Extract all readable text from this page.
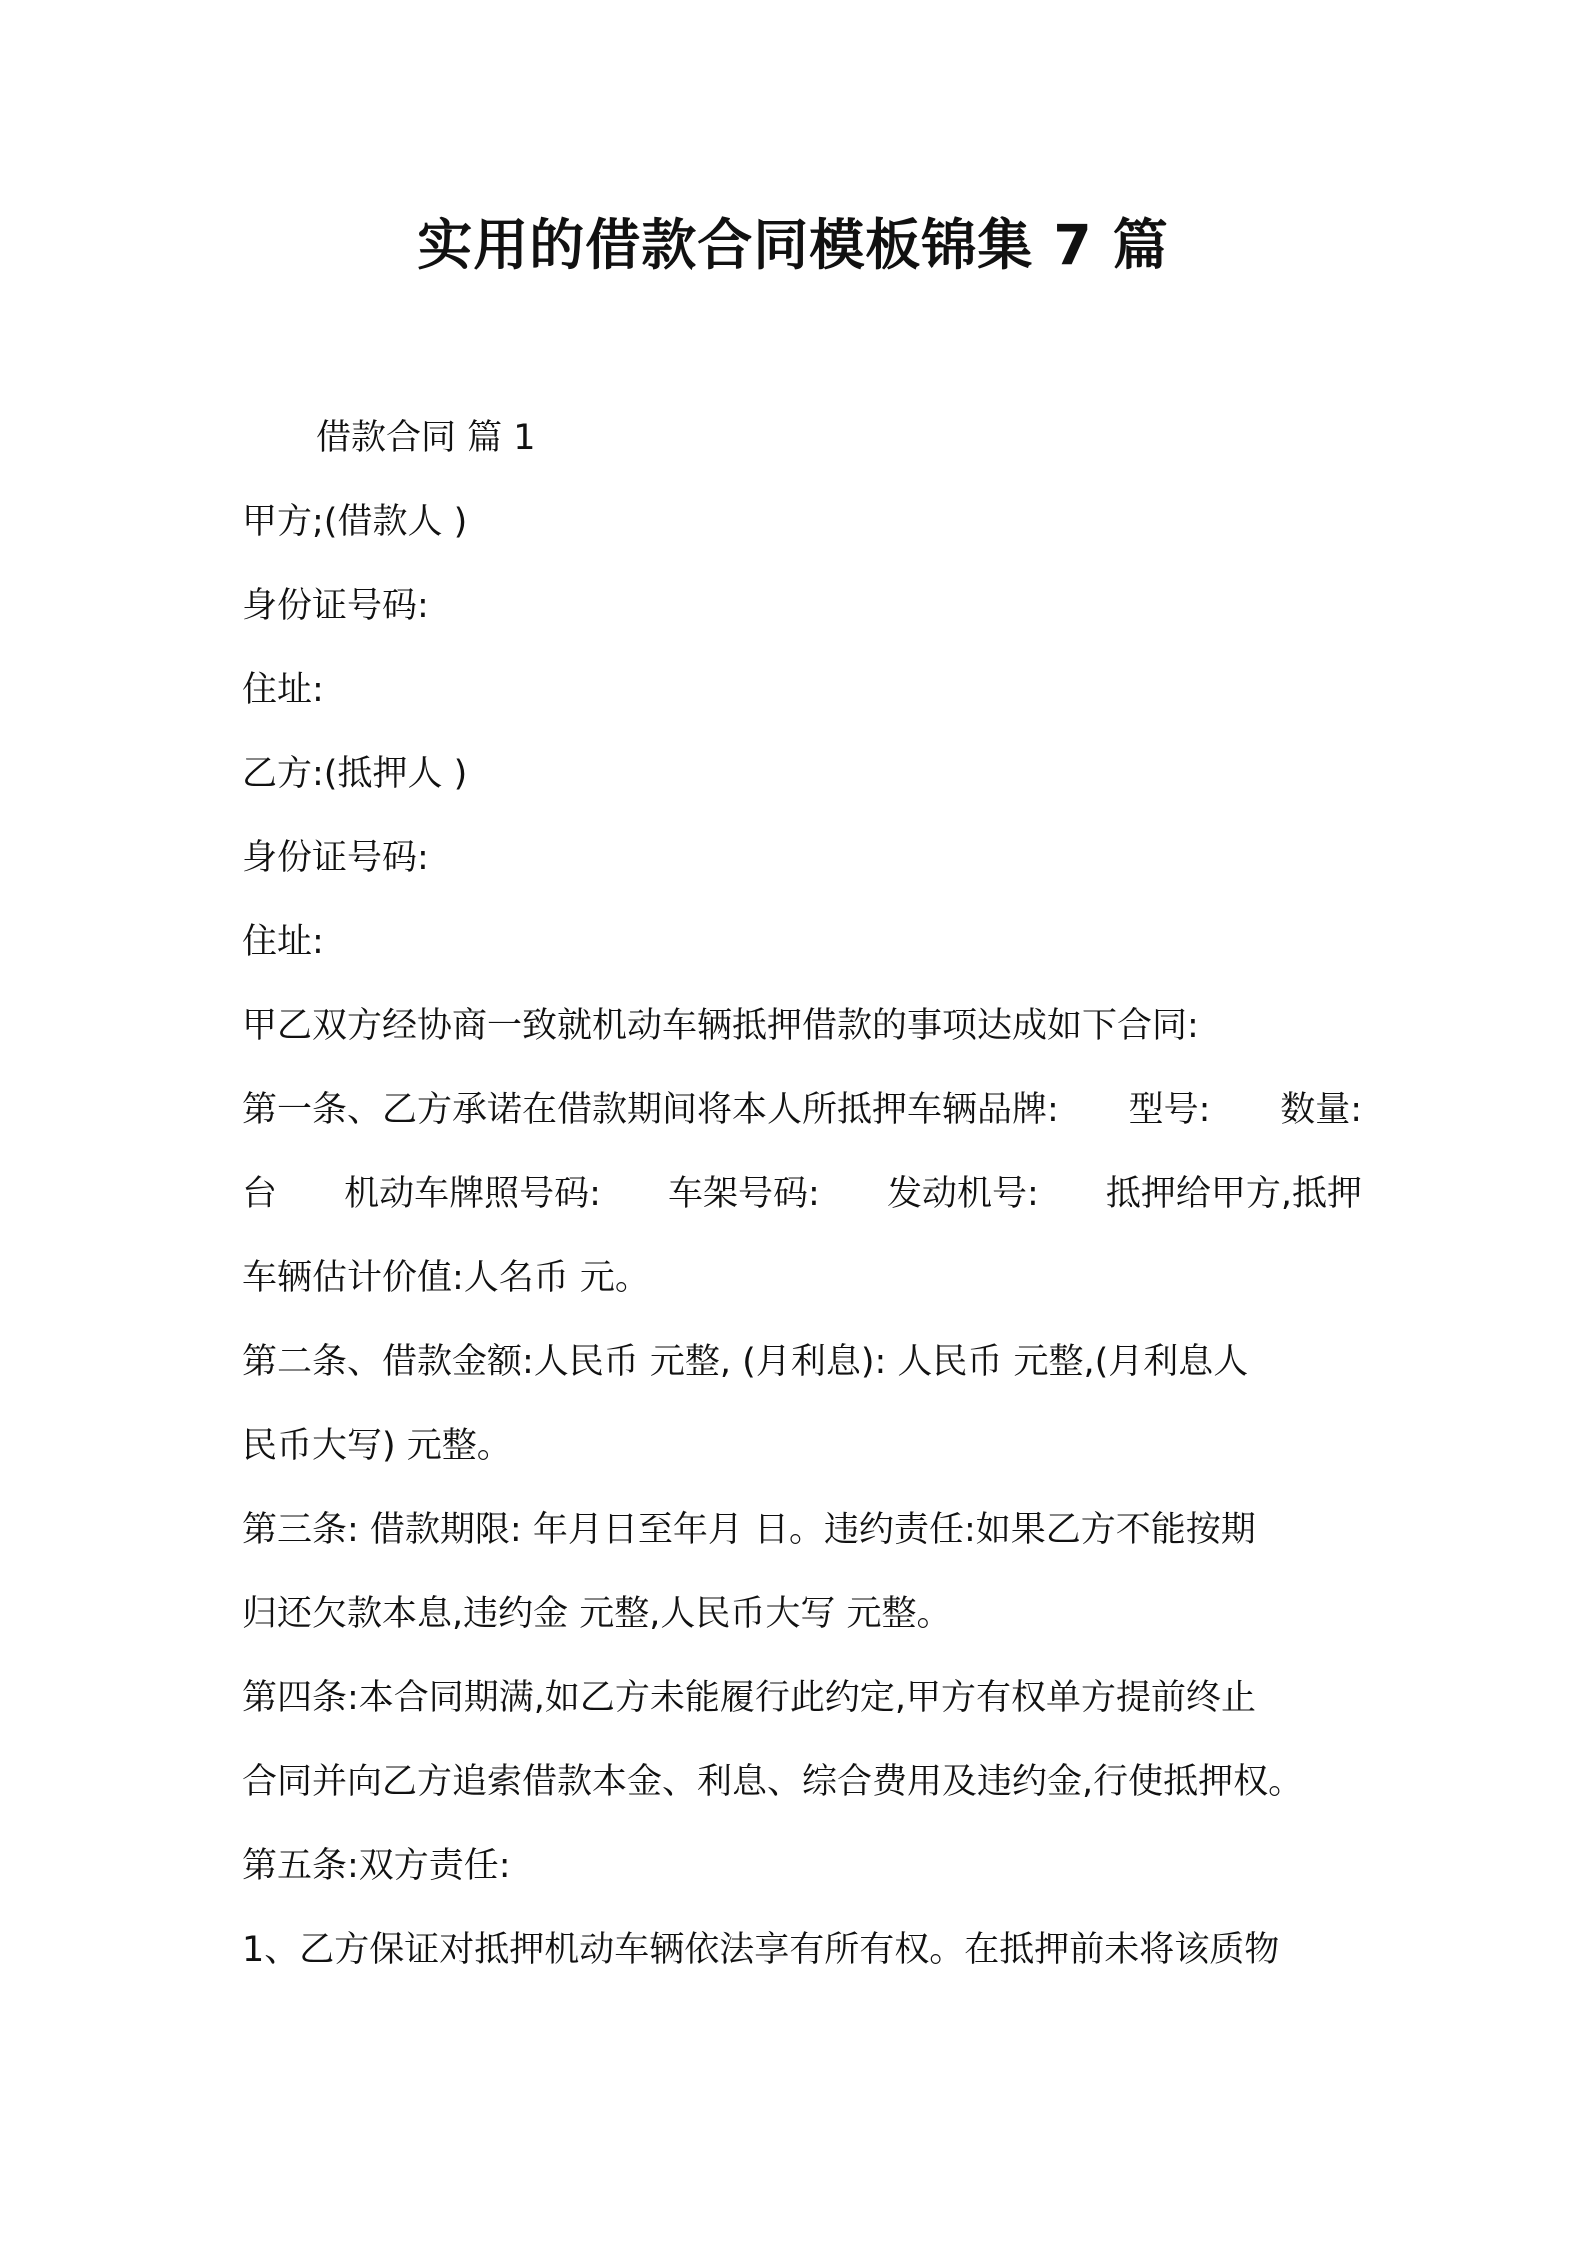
实用的借款合同模板锦集 7 篇
借款合同 篇 1
甲方;(借款人 )
身份证号码:
住址:
乙方:(抵押人 )
身份证号码:
住址:
甲乙双方经协商一致就机动车辆抵押借款的事项达成如下合同:
第一条、乙方承诺在借款期间将本人所抵押车辆品牌: 型号: 数量:
台 机动车牌照号码: 车架号码: 发动机号: 抵押给甲方,抵押
车辆估计价值:人名币 元。
第二条、借款金额:人民币 元整, (月利息): 人民币 元整,(月利息人
民币大写) 元整。
第三条: 借款期限: 年月日至年月 日。违约责任:如果乙方不能按期
归还欠款本息,违约金 元整,人民币大写 元整。
第四条:本合同期满,如乙方未能履行此约定,甲方有权单方提前终止
合同并向乙方追索借款本金、利息、综合费用及违约金,行使抵押权。
第五条:双方责任:
1、乙方保证对抵押机动车辆依法享有所有权。在抵押前未将该质物
